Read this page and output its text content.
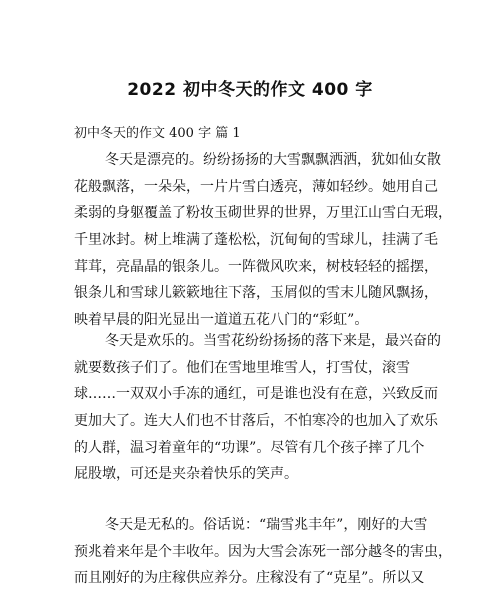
2022 初中冬天的作文 400 字
初中冬天的作文 400 字 篇 1
冬天是漂亮的。纷纷扬扬的大雪飘飘洒洒，犹如仙女散
花般飘落，一朵朵，一片片雪白透亮，薄如轻纱。她用自己
柔弱的身躯覆盖了粉妆玉砌世界的世界，万里江山雪白无瑕，
千里冰封。树上堆满了蓬松松，沉甸甸的雪球儿，挂满了毛
茸茸，亮晶晶的银条儿。一阵微风吹来，树枝轻轻的摇摆，
银条儿和雪球儿簌簌地往下落，玉屑似的雪末儿随风飘扬，
映着早晨的阳光显出一道道五花八门的“彩虹”。
冬天是欢乐的。当雪花纷纷扬扬的落下来是，最兴奋的
就要数孩子们了。他们在雪地里堆雪人，打雪仗，滚雪
球……一双双小手冻的通红，可是谁也没有在意，兴致反而
更加大了。连大人们也不甘落后，不怕寒冷的也加入了欢乐
的人群，温习着童年的“功课”。尽管有几个孩子摔了几个
屁股墩，可还是夹杂着快乐的笑声。
冬天是无私的。俗话说：“瑞雪兆丰年”，刚好的大雪
预兆着来年是个丰收年。因为大雪会冻死一部分越冬的害虫，
而且刚好的为庄稼供应养分。庄稼没有了“克星”。所以又
